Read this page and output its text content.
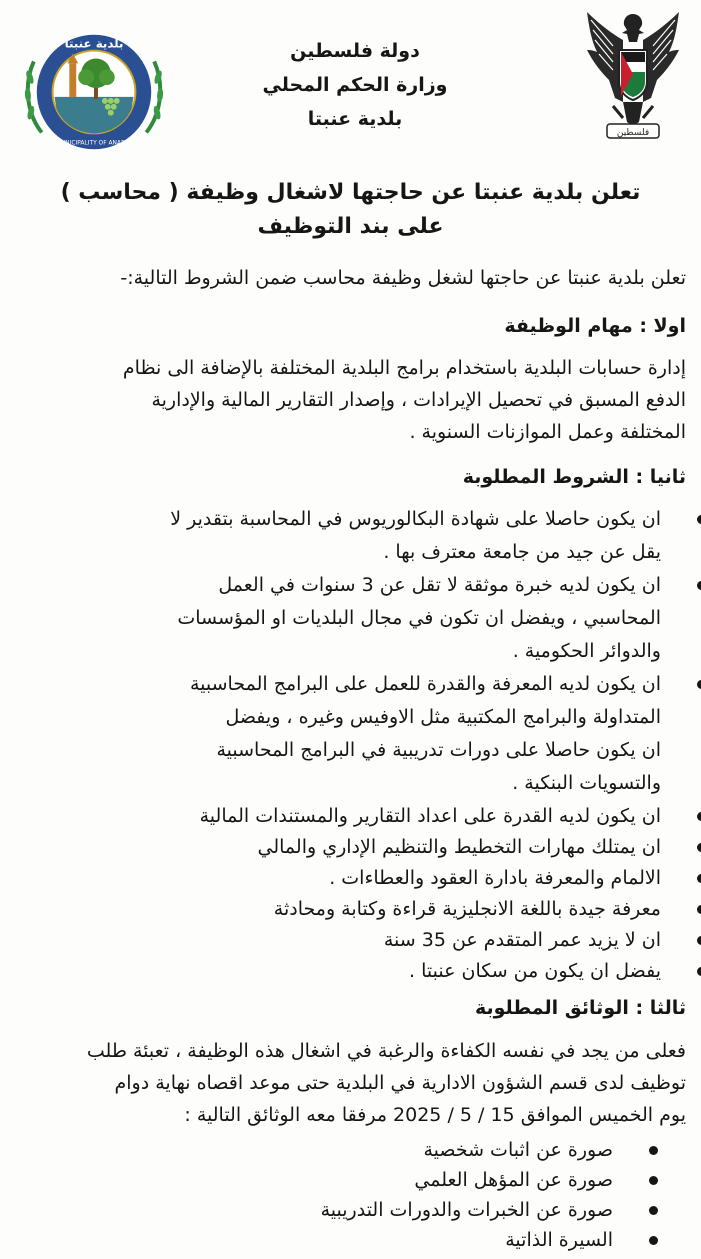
فلسطين
دولة فلسطين
وزارة الحكم المحلي
بلدية عنبتا
بلدية عنبتا
MUNICIPALITY OF ANABTA
تعلن بلدية عنبتا عن حاجتها لاشغال وظيفة ( محاسب )
على بند التوظيف
تعلن بلدية عنبتا عن حاجتها لشغل وظيفة محاسب ضمن الشروط التالية:-
اولا : مهام الوظيفة
إدارة حسابات البلدية باستخدام برامج البلدية المختلفة بالإضافة الى نظام
الدفع المسبق في تحصيل الإيرادات ، وإصدار التقارير المالية والإدارية
المختلفة وعمل الموازنات السنوية .
ثانيا : الشروط المطلوبة
ان يكون حاصلا على شهادة البكالوريوس في المحاسبة بتقدير لا
يقل عن جيد من جامعة معترف بها .
ان يكون لديه خبرة موثقة لا تقل عن 3 سنوات في العمل
المحاسبي ، ويفضل ان تكون في مجال البلديات او المؤسسات
والدوائر الحكومية .
ان يكون لديه المعرفة والقدرة للعمل على البرامج المحاسبية
المتداولة والبرامج المكتبية مثل الاوفيس وغيره ، ويفضل
ان يكون حاصلا على دورات تدريبية في البرامج المحاسبية
والتسويات البنكية .
ان يكون لديه القدرة على اعداد التقارير والمستندات المالية
ان يمتلك مهارات التخطيط والتنظيم الإداري والمالي
الالمام والمعرفة بادارة العقود والعطاءات .
معرفة جيدة باللغة الانجليزية قراءة وكتابة ومحادثة
ان لا يزيد عمر المتقدم عن 35 سنة
يفضل ان يكون من سكان عنبتا .
ثالثا : الوثائق المطلوبة
فعلى من يجد في نفسه الكفاءة والرغبة في اشغال هذه الوظيفة ، تعبئة طلب
توظيف لدى قسم الشؤون الادارية في البلدية حتى موعد اقصاه نهاية دوام
يوم الخميس الموافق 15 / 5 / 2025 مرفقا معه الوثائق التالية :
صورة عن اثبات شخصية
صورة عن المؤهل العلمي
صورة عن الخبرات والدورات التدريبية
السيرة الذاتية
